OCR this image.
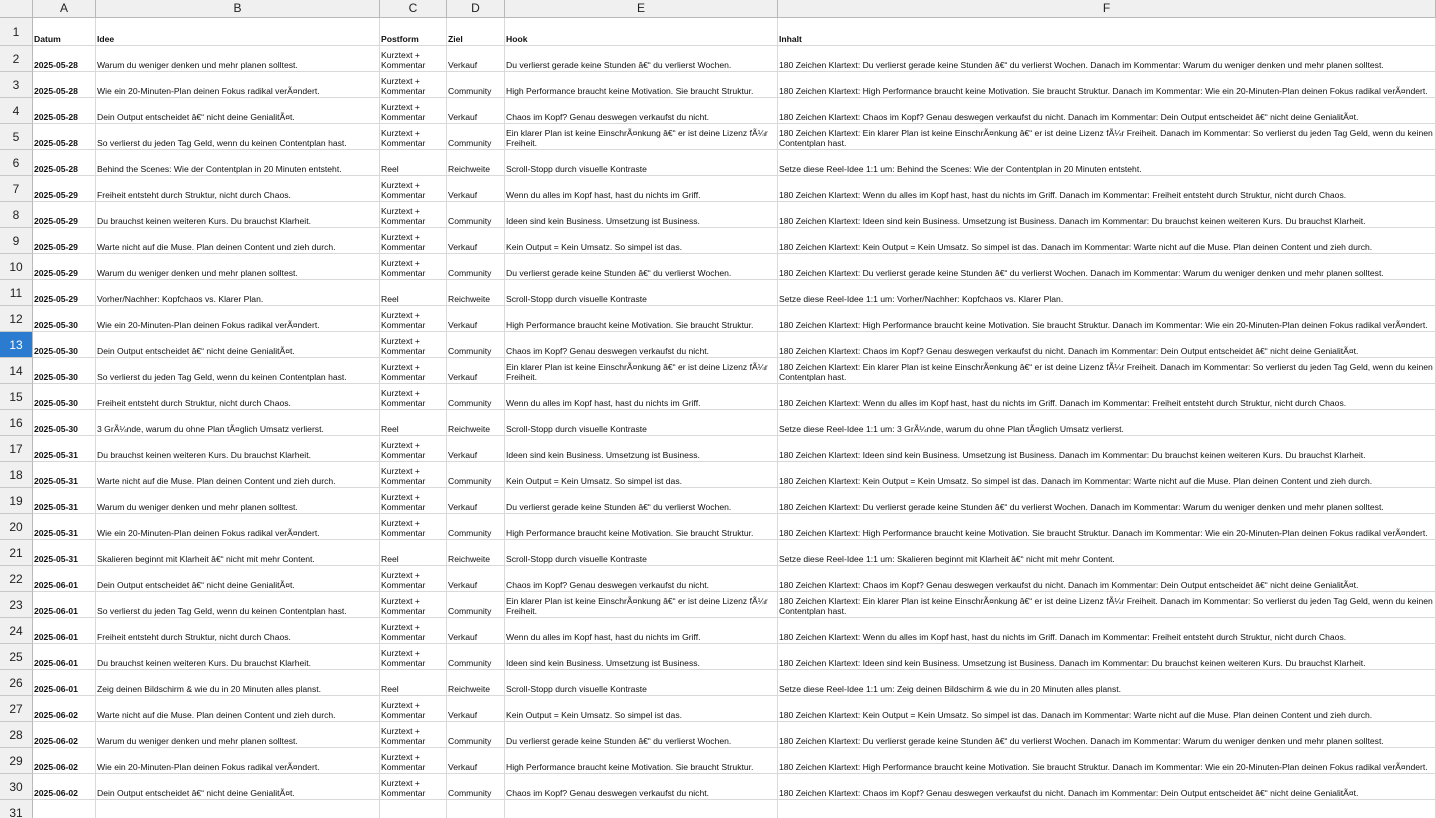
A	B	C	D	E	F
1
Datum	Idee	Postform	Ziel	Hook	Inhalt
2	2025-05-28	Warum du weniger denken und mehr planen solltest.
Kurztext +
Kommentar	Verkauf	Du verlierst gerade keine Stunden â€“ du verlierst Wochen.	180 Zeichen Klartext: Du verlierst gerade keine Stunden â€“ du verlierst Wochen. Danach im Kommentar: Warum du weniger denken und mehr planen solltest.
3	2025-05-28	Wie ein 20-Minuten-Plan deinen Fokus radikal verÃ¤ndert.
Kurztext +
Kommentar	Community	High Performance braucht keine Motivation. Sie braucht Struktur.	180 Zeichen Klartext: High Performance braucht keine Motivation. Sie braucht Struktur. Danach im Kommentar: Wie ein 20-Minuten-Plan deinen Fokus radikal verÃ¤ndert.
4	2025-05-28	Dein Output entscheidet â€“ nicht deine GenialitÃ¤t.
Kurztext +
Kommentar	Verkauf	Chaos im Kopf? Genau deswegen verkaufst du nicht.	180 Zeichen Klartext: Chaos im Kopf? Genau deswegen verkaufst du nicht. Danach im Kommentar: Dein Output entscheidet â€“ nicht deine GenialitÃ¤t.
5	2025-05-28	So verlierst du jeden Tag Geld, wenn du keinen Contentplan hast.
Kurztext +
Kommentar	Community
Ein klarer Plan ist keine EinschrÃ¤nkung â€“ er ist deine Lizenz fÃ¼r Freiheit.
180 Zeichen Klartext: Ein klarer Plan ist keine EinschrÃ¤nkung â€“ er ist deine Lizenz fÃ¼r Freiheit. Danach im Kommentar: So verlierst du jeden Tag Geld, wenn du keinen Contentplan hast.
6	2025-05-28	Behind the Scenes: Wie der Contentplan in 20 Minuten entsteht.	Reel	Reichweite	Scroll-Stopp durch visuelle Kontraste	Setze diese Reel-Idee 1:1 um: Behind the Scenes: Wie der Contentplan in 20 Minuten entsteht.
7	2025-05-29	Freiheit entsteht durch Struktur, nicht durch Chaos.
Kurztext +
Kommentar	Verkauf	Wenn du alles im Kopf hast, hast du nichts im Griff.	180 Zeichen Klartext: Wenn du alles im Kopf hast, hast du nichts im Griff. Danach im Kommentar: Freiheit entsteht durch Struktur, nicht durch Chaos.
8	2025-05-29	Du brauchst keinen weiteren Kurs. Du brauchst Klarheit.
Kurztext +
Kommentar	Community	Ideen sind kein Business. Umsetzung ist Business.	180 Zeichen Klartext: Ideen sind kein Business. Umsetzung ist Business. Danach im Kommentar: Du brauchst keinen weiteren Kurs. Du brauchst Klarheit.
9	2025-05-29	Warte nicht auf die Muse. Plan deinen Content und zieh durch.
Kurztext +
Kommentar	Verkauf	Kein Output = Kein Umsatz. So simpel ist das.	180 Zeichen Klartext: Kein Output = Kein Umsatz. So simpel ist das. Danach im Kommentar: Warte nicht auf die Muse. Plan deinen Content und zieh durch.
10	2025-05-29	Warum du weniger denken und mehr planen solltest.
Kurztext +
Kommentar	Community	Du verlierst gerade keine Stunden â€“ du verlierst Wochen.	180 Zeichen Klartext: Du verlierst gerade keine Stunden â€“ du verlierst Wochen. Danach im Kommentar: Warum du weniger denken und mehr planen solltest.
11	2025-05-29	Vorher/Nachher: Kopfchaos vs. Klarer Plan.	Reel	Reichweite	Scroll-Stopp durch visuelle Kontraste	Setze diese Reel-Idee 1:1 um: Vorher/Nachher: Kopfchaos vs. Klarer Plan.
12	2025-05-30	Wie ein 20-Minuten-Plan deinen Fokus radikal verÃ¤ndert.
Kurztext +
Kommentar	Verkauf	High Performance braucht keine Motivation. Sie braucht Struktur.	180 Zeichen Klartext: High Performance braucht keine Motivation. Sie braucht Struktur. Danach im Kommentar: Wie ein 20-Minuten-Plan deinen Fokus radikal verÃ¤ndert.
13	2025-05-30	Dein Output entscheidet â€“ nicht deine GenialitÃ¤t.
Kurztext +
Kommentar	Community	Chaos im Kopf? Genau deswegen verkaufst du nicht.	180 Zeichen Klartext: Chaos im Kopf? Genau deswegen verkaufst du nicht. Danach im Kommentar: Dein Output entscheidet â€“ nicht deine GenialitÃ¤t.
14	2025-05-30	So verlierst du jeden Tag Geld, wenn du keinen Contentplan hast.
Kurztext +
Kommentar	Verkauf
Ein klarer Plan ist keine EinschrÃ¤nkung â€“ er ist deine Lizenz fÃ¼r Freiheit.
180 Zeichen Klartext: Ein klarer Plan ist keine EinschrÃ¤nkung â€“ er ist deine Lizenz fÃ¼r Freiheit. Danach im Kommentar: So verlierst du jeden Tag Geld, wenn du keinen Contentplan hast.
15	2025-05-30	Freiheit entsteht durch Struktur, nicht durch Chaos.
Kurztext +
Kommentar	Community	Wenn du alles im Kopf hast, hast du nichts im Griff.	180 Zeichen Klartext: Wenn du alles im Kopf hast, hast du nichts im Griff. Danach im Kommentar: Freiheit entsteht durch Struktur, nicht durch Chaos.
16	2025-05-30	3 GrÃ¼nde, warum du ohne Plan tÃ¤glich Umsatz verlierst.	Reel	Reichweite	Scroll-Stopp durch visuelle Kontraste	Setze diese Reel-Idee 1:1 um: 3 GrÃ¼nde, warum du ohne Plan tÃ¤glich Umsatz verlierst.
17	2025-05-31	Du brauchst keinen weiteren Kurs. Du brauchst Klarheit.
Kurztext +
Kommentar	Verkauf	Ideen sind kein Business. Umsetzung ist Business.	180 Zeichen Klartext: Ideen sind kein Business. Umsetzung ist Business. Danach im Kommentar: Du brauchst keinen weiteren Kurs. Du brauchst Klarheit.
18	2025-05-31	Warte nicht auf die Muse. Plan deinen Content und zieh durch.
Kurztext +
Kommentar	Community	Kein Output = Kein Umsatz. So simpel ist das.	180 Zeichen Klartext: Kein Output = Kein Umsatz. So simpel ist das. Danach im Kommentar: Warte nicht auf die Muse. Plan deinen Content und zieh durch.
19	2025-05-31	Warum du weniger denken und mehr planen solltest.
Kurztext +
Kommentar	Verkauf	Du verlierst gerade keine Stunden â€“ du verlierst Wochen.	180 Zeichen Klartext: Du verlierst gerade keine Stunden â€“ du verlierst Wochen. Danach im Kommentar: Warum du weniger denken und mehr planen solltest.
20	2025-05-31	Wie ein 20-Minuten-Plan deinen Fokus radikal verÃ¤ndert.
Kurztext +
Kommentar	Community	High Performance braucht keine Motivation. Sie braucht Struktur.	180 Zeichen Klartext: High Performance braucht keine Motivation. Sie braucht Struktur. Danach im Kommentar: Wie ein 20-Minuten-Plan deinen Fokus radikal verÃ¤ndert.
21	2025-05-31	Skalieren beginnt mit Klarheit â€“ nicht mit mehr Content.	Reel	Reichweite	Scroll-Stopp durch visuelle Kontraste	Setze diese Reel-Idee 1:1 um: Skalieren beginnt mit Klarheit â€“ nicht mit mehr Content.
22	2025-06-01	Dein Output entscheidet â€“ nicht deine GenialitÃ¤t.
Kurztext +
Kommentar	Verkauf	Chaos im Kopf? Genau deswegen verkaufst du nicht.	180 Zeichen Klartext: Chaos im Kopf? Genau deswegen verkaufst du nicht. Danach im Kommentar: Dein Output entscheidet â€“ nicht deine GenialitÃ¤t.
23	2025-06-01	So verlierst du jeden Tag Geld, wenn du keinen Contentplan hast.
Kurztext +
Kommentar	Community
Ein klarer Plan ist keine EinschrÃ¤nkung â€“ er ist deine Lizenz fÃ¼r Freiheit.
180 Zeichen Klartext: Ein klarer Plan ist keine EinschrÃ¤nkung â€“ er ist deine Lizenz fÃ¼r Freiheit. Danach im Kommentar: So verlierst du jeden Tag Geld, wenn du keinen Contentplan hast.
24	2025-06-01	Freiheit entsteht durch Struktur, nicht durch Chaos.
Kurztext +
Kommentar	Verkauf	Wenn du alles im Kopf hast, hast du nichts im Griff.	180 Zeichen Klartext: Wenn du alles im Kopf hast, hast du nichts im Griff. Danach im Kommentar: Freiheit entsteht durch Struktur, nicht durch Chaos.
25	2025-06-01	Du brauchst keinen weiteren Kurs. Du brauchst Klarheit.
Kurztext +
Kommentar	Community	Ideen sind kein Business. Umsetzung ist Business.	180 Zeichen Klartext: Ideen sind kein Business. Umsetzung ist Business. Danach im Kommentar: Du brauchst keinen weiteren Kurs. Du brauchst Klarheit.
26	2025-06-01	Zeig deinen Bildschirm & wie du in 20 Minuten alles planst.	Reel	Reichweite	Scroll-Stopp durch visuelle Kontraste	Setze diese Reel-Idee 1:1 um: Zeig deinen Bildschirm & wie du in 20 Minuten alles planst.
27	2025-06-02	Warte nicht auf die Muse. Plan deinen Content und zieh durch.
Kurztext +
Kommentar	Verkauf	Kein Output = Kein Umsatz. So simpel ist das.	180 Zeichen Klartext: Kein Output = Kein Umsatz. So simpel ist das. Danach im Kommentar: Warte nicht auf die Muse. Plan deinen Content und zieh durch.
28	2025-06-02	Warum du weniger denken und mehr planen solltest.
Kurztext +
Kommentar	Community	Du verlierst gerade keine Stunden â€“ du verlierst Wochen.	180 Zeichen Klartext: Du verlierst gerade keine Stunden â€“ du verlierst Wochen. Danach im Kommentar: Warum du weniger denken und mehr planen solltest.
29	2025-06-02	Wie ein 20-Minuten-Plan deinen Fokus radikal verÃ¤ndert.
Kurztext +
Kommentar	Verkauf	High Performance braucht keine Motivation. Sie braucht Struktur.	180 Zeichen Klartext: High Performance braucht keine Motivation. Sie braucht Struktur. Danach im Kommentar: Wie ein 20-Minuten-Plan deinen Fokus radikal verÃ¤ndert.
30	2025-06-02	Dein Output entscheidet â€“ nicht deine GenialitÃ¤t.
Kurztext +
Kommentar	Community	Chaos im Kopf? Genau deswegen verkaufst du nicht.	180 Zeichen Klartext: Chaos im Kopf? Genau deswegen verkaufst du nicht. Danach im Kommentar: Dein Output entscheidet â€“ nicht deine GenialitÃ¤t.
31
